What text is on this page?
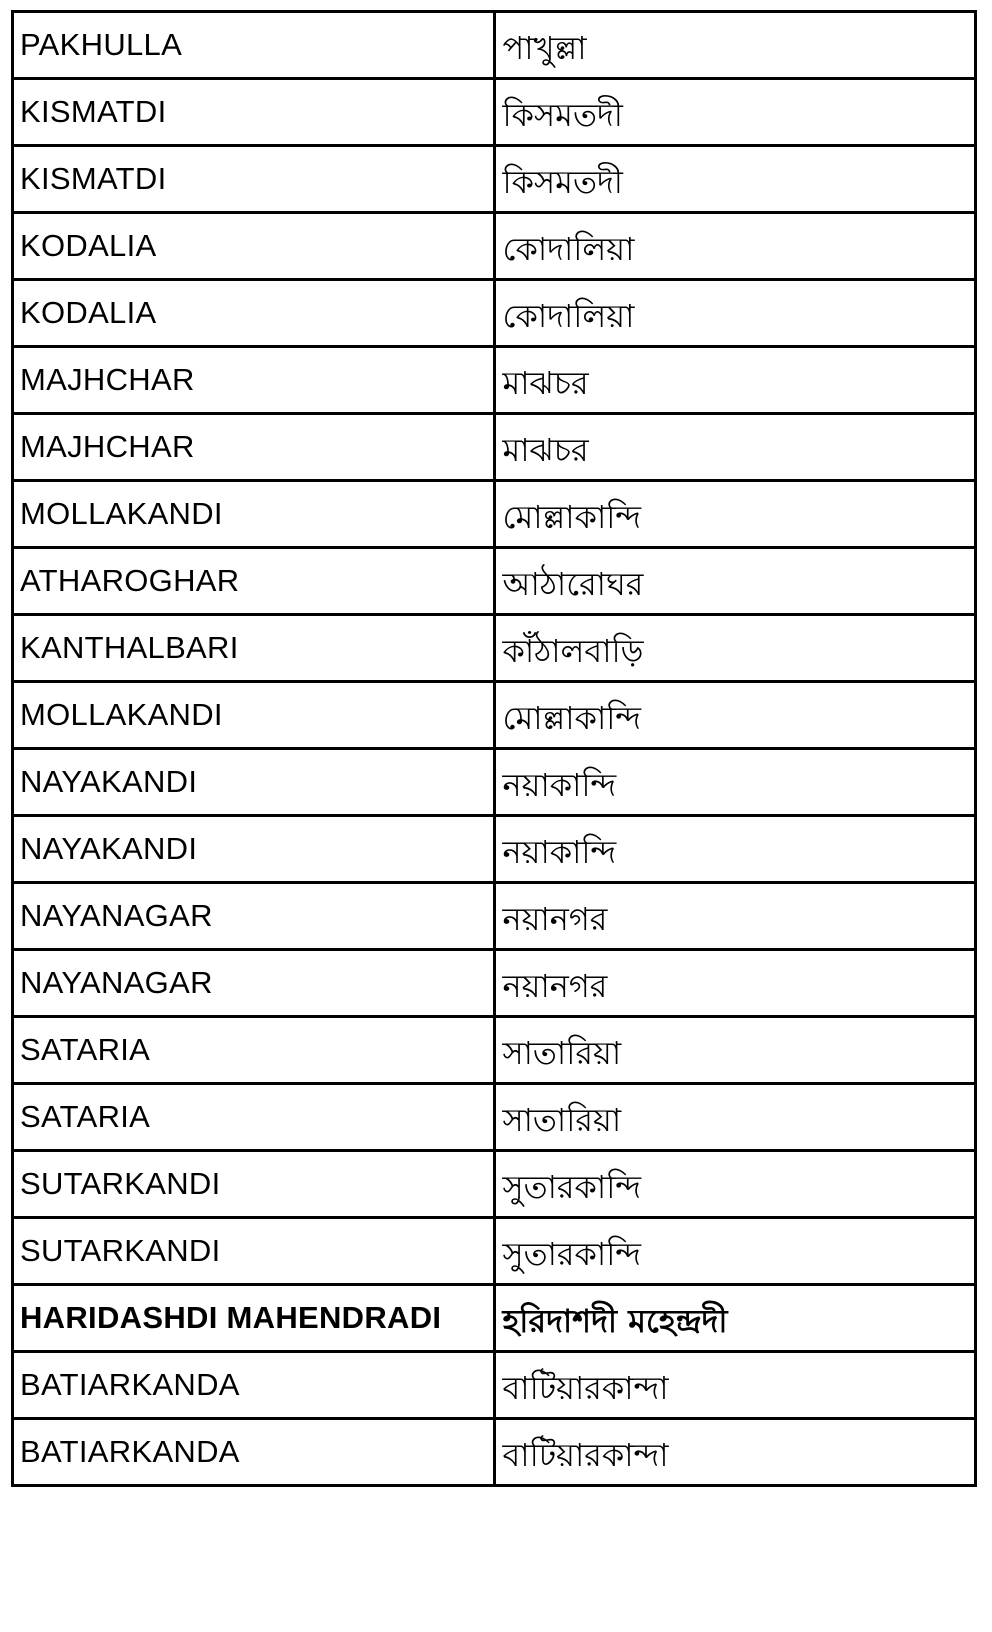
PAKHULLA	পাখুল্লা
KISMATDI	কিসমতদী
KISMATDI	কিসমতদী
KODALIA	কোদালিয়া
KODALIA	কোদালিয়া
MAJHCHAR	মাঝচর
MAJHCHAR	মাঝচর
MOLLAKANDI	মোল্লাকান্দি
ATHAROGHAR	আঠারোঘর
KANTHALBARI	কাঁঠালবাড়ি
MOLLAKANDI	মোল্লাকান্দি
NAYAKANDI	নয়াকান্দি
NAYAKANDI	নয়াকান্দি
NAYANAGAR	নয়ানগর
NAYANAGAR	নয়ানগর
SATARIA	সাতারিয়া
SATARIA	সাতারিয়া
SUTARKANDI	সুতারকান্দি
SUTARKANDI	সুতারকান্দি
HARIDASHDI MAHENDRADI	হরিদাশদী মহেন্দ্রদী
BATIARKANDA	বাটিয়ারকান্দা
BATIARKANDA	বাটিয়ারকান্দা
